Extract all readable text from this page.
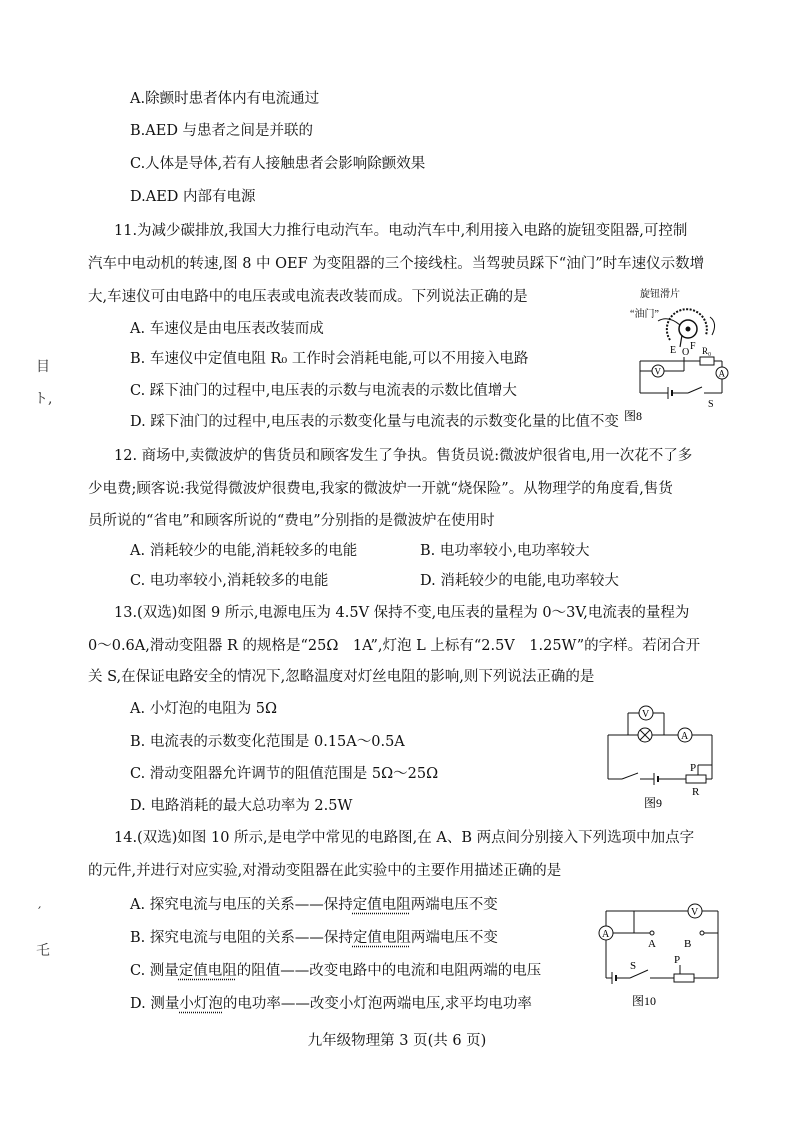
A.除颤时患者体内有电流通过
B.AED 与患者之间是并联的
C.人体是导体,若有人接触患者会影响除颤效果
D.AED 内部有电源
11.为减少碳排放,我国大力推行电动汽车。电动汽车中,利用接入电路的旋钮变阻器,可控制
汽车中电动机的转速,图 8 中 OEF 为变阻器的三个接线柱。当驾驶员踩下“油门”时车速仪示数增
大,车速仪可由电路中的电压表或电流表改装而成。下列说法正确的是
A. 车速仪是由电压表改装而成
B. 车速仪中定值电阻 R₀ 工作时会消耗电能,可以不用接入电路
C. 踩下油门的过程中,电压表的示数与电流表的示数比值增大
D. 踩下油门的过程中,电压表的示数变化量与电流表的示数变化量的比值不变
旋钮滑片
“油门”
E O
F R₀
V	A
S
图8
12. 商场中,卖微波炉的售货员和顾客发生了争执。售货员说:微波炉很省电,用一次花不了多
少电费;顾客说:我觉得微波炉很费电,我家的微波炉一开就“烧保险”。从物理学的角度看,售货
员所说的“省电”和顾客所说的“费电”分别指的是微波炉在使用时
A. 消耗较少的电能,消耗较多的电能	B. 电功率较小,电功率较大
C. 电功率较小,消耗较多的电能	D. 消耗较少的电能,电功率较大
13.(双选)如图 9 所示,电源电压为 4.5V 保持不变,电压表的量程为 0～3V,电流表的量程为
0～0.6A,滑动变阻器 R 的规格是“25Ω　1A”,灯泡 L 上标有“2.5V　1.25W”的字样。若闭合开
关 S,在保证电路安全的情况下,忽略温度对灯丝电阻的影响,则下列说法正确的是
A. 小灯泡的电阻为 5Ω
B. 电流表的示数变化范围是 0.15A～0.5A
C. 滑动变阻器允许调节的阻值范围是 5Ω～25Ω
D. 电路消耗的最大总功率为 2.5W
V
A
P
R
图9
14.(双选)如图 10 所示,是电学中常见的电路图,在 A、B 两点间分别接入下列选项中加点字
的元件,并进行对应实验,对滑动变阻器在此实验中的主要作用描述正确的是
A. 探究电流与电压的关系——保持定值电阻两端电压不变
B. 探究电流与电阻的关系——保持定值电阻两端电压不变
C. 测量定值电阻的阻值——改变电路中的电流和电阻两端的电压
D. 测量小灯泡的电功率——改变小灯泡两端电压,求平均电功率
V
A
A	B
S	P
图10
目
ト,
′
乇
九年级物理第 3 页(共 6 页)
